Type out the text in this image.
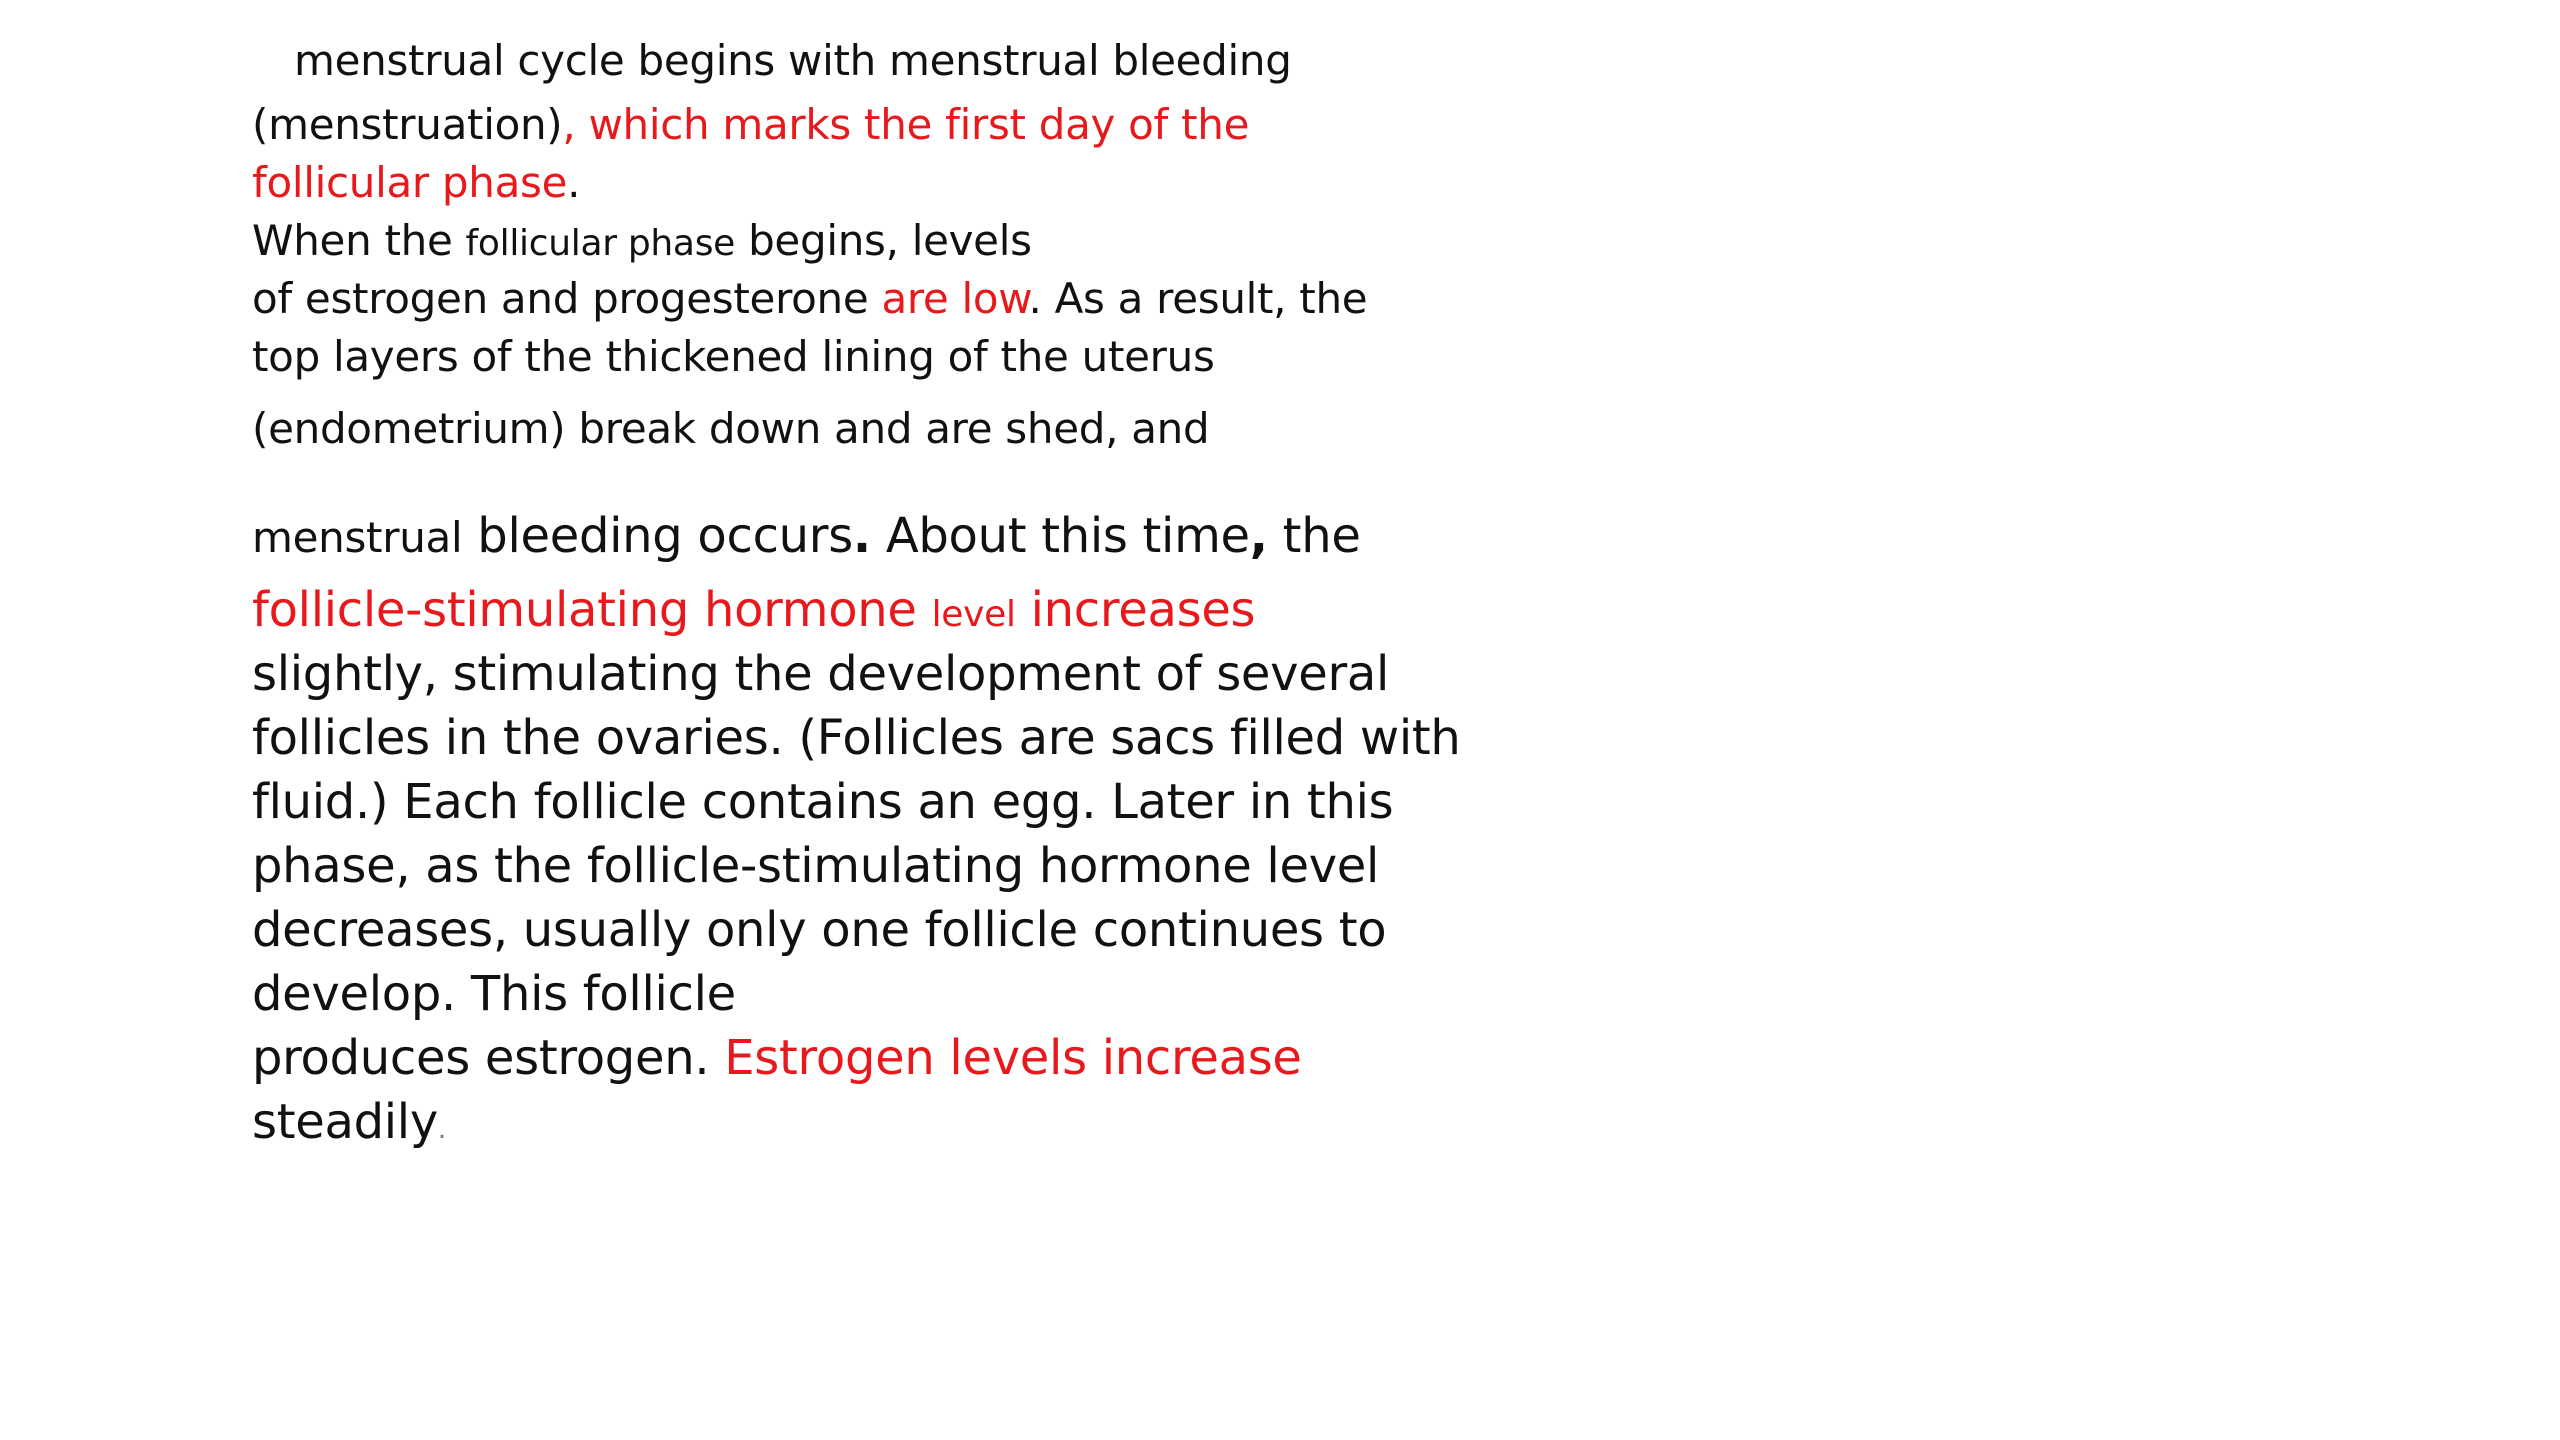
menstrual cycle begins with menstrual bleeding
(menstruation), which marks the first day of the
follicular phase.
When the follicular phase begins, levels
of estrogen and progesterone are low. As a result, the
top layers of the thickened lining of the uterus
(endometrium) break down and are shed, and
menstrual bleeding occurs. About this time, the
follicle-stimulating hormone level increases
slightly, stimulating the development of several
follicles in the ovaries. (Follicles are sacs filled with
fluid.) Each follicle contains an egg. Later in this
phase, as the follicle-stimulating hormone level
decreases, usually only one follicle continues to
develop. This follicle
produces estrogen. Estrogen levels increase
steadily.
